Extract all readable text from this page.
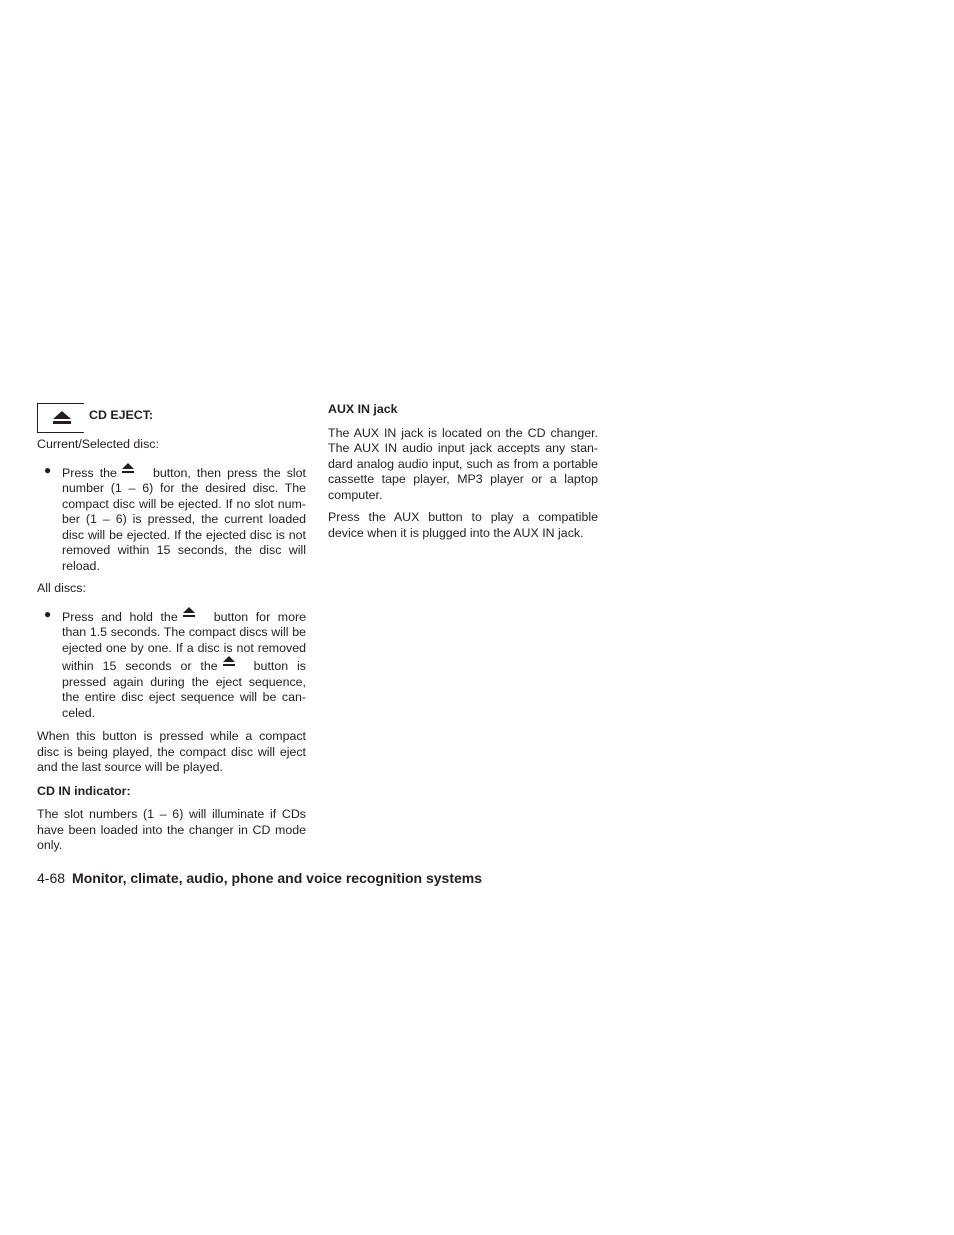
CD EJECT:

Current/Selected disc:

● Press the	button, then press the slot number (1 – 6) for the desired disc. The compact disc will be ejected. If no slot num-ber (1 – 6) is pressed, the current loaded disc will be ejected. If the ejected disc is not removed within 15 seconds, the disc will reload.

All discs:

● Press and hold the	button for more than 1.5 seconds. The compact discs will be ejected one by one. If a disc is not removed within 15 seconds or the	button is pressed again during the eject sequence, the entire disc eject sequence will be can-celed.

When this button is pressed while a compact disc is being played, the compact disc will eject and the last source will be played.

CD IN indicator:

The slot numbers (1 – 6) will illuminate if CDs have been loaded into the changer in CD mode only.

AUX IN jack

The AUX IN jack is located on the CD changer. The AUX IN audio input jack accepts any stan-dard analog audio input, such as from a portable cassette tape player, MP3 player or a laptop computer.

Press the AUX button to play a compatible device when it is plugged into the AUX IN jack.

4-68 Monitor, climate, audio, phone and voice recognition systems
